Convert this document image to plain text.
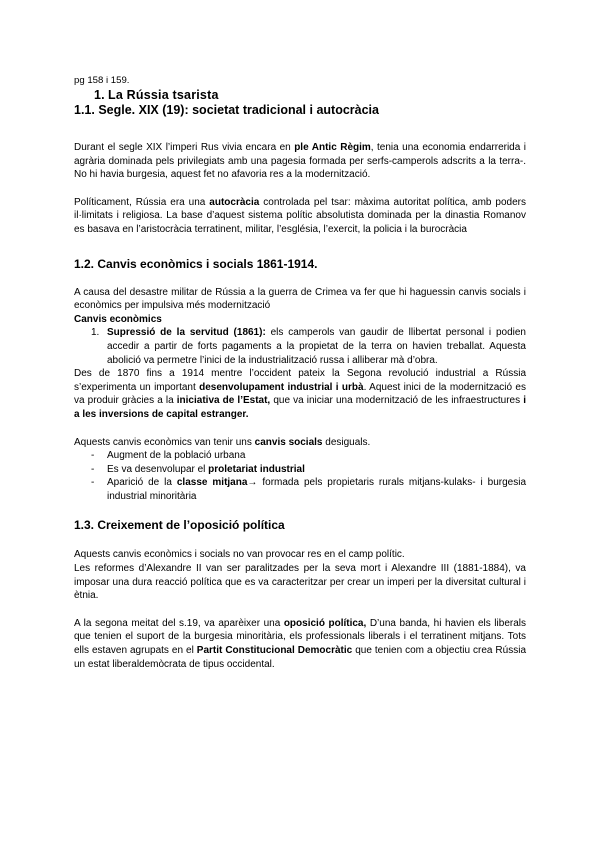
pg 158 i 159.

1. La Rússia tsarista

1.1. Segle. XIX (19): societat tradicional i autocràcia

Durant el segle XIX l’imperi Rus vivia encara en ple Antic Règim, tenia una economia endarrerida i agrària dominada pels privilegiats amb una pagesia formada per serfs-camperols adscrits a la terra-. No hi havia burgesia, aquest fet no afavoria res a la modernització.

Políticament, Rússia era una autocràcia controlada pel tsar: màxima autoritat política, amb poders il·limitats i religiosa. La base d’aquest sistema polític absolutista dominada per la dinastia Romanov es basava en l’aristocràcia terratinent, militar, l’església, l’exercit, la policia i la burocràcia

1.2. Canvis econòmics i socials 1861-1914.

A causa del desastre militar de Rússia a la guerra de Crimea va fer que hi haguessin canvis socials i econòmics per impulsiva més modernització

Canvis econòmics

1. Supressió de la servitud (1861): els camperols van gaudir de llibertat personal i podien accedir a partir de forts pagaments a la propietat de la terra on havien treballat. Aquesta abolició va permetre l’inici de la industrialització russa i alliberar mà d’obra.

Des de 1870 fins a 1914 mentre l’occident pateix la Segona revolució industrial a Rússia s’experimenta un important desenvolupament industrial i urbà. Aquest inici de la modernització es va produir gràcies a la iniciativa de l’Estat, que va iniciar una modernització de les infraestructures i a les inversions de capital estranger.

Aquests canvis econòmics van tenir uns canvis socials desiguals.

- Augment de la població urbana
- Es va desenvolupar el proletariat industrial
- Aparició de la classe mitjana→ formada pels propietaris rurals mitjans-kulaks- i burgesia industrial minoritària

1.3. Creixement de l’oposició política

Aquests canvis econòmics i socials no van provocar res en el camp polític.

Les reformes d’Alexandre II van ser paralitzades per la seva mort i Alexandre III (1881-1884), va imposar una dura reacció política que es va caracteritzar per crear un imperi per la diversitat cultural i ètnia.

A la segona meitat del s.19, va aparèixer una oposició política, D’una banda, hi havien els liberals que tenien el suport de la burgesia minoritària, els professionals liberals i el terratinent mitjans. Tots ells estaven agrupats en el Partit Constitucional Democràtic que tenien com a objectiu crea Rússia un estat liberaldemòcrata de tipus occidental.
